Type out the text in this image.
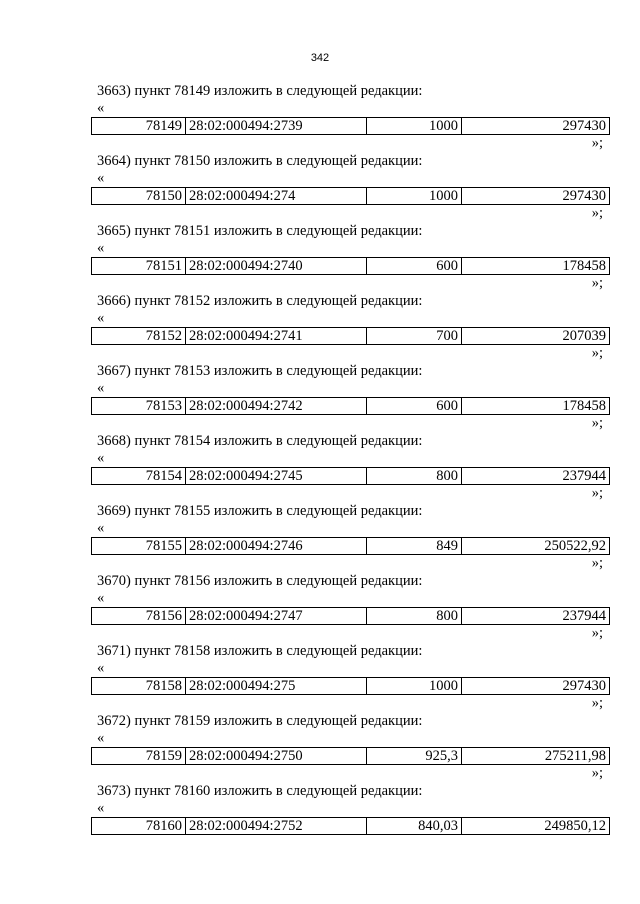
342
3663) пункт 78149 изложить в следующей редакции:
«
78149	28:02:000494:2739	1000	297430
»;
3664) пункт 78150 изложить в следующей редакции:
«
78150	28:02:000494:274	1000	297430
»;
3665) пункт 78151 изложить в следующей редакции:
«
78151	28:02:000494:2740	600	178458
»;
3666) пункт 78152 изложить в следующей редакции:
«
78152	28:02:000494:2741	700	207039
»;
3667) пункт 78153 изложить в следующей редакции:
«
78153	28:02:000494:2742	600	178458
»;
3668) пункт 78154 изложить в следующей редакции:
«
78154	28:02:000494:2745	800	237944
»;
3669) пункт 78155 изложить в следующей редакции:
«
78155	28:02:000494:2746	849	250522,92
»;
3670) пункт 78156 изложить в следующей редакции:
«
78156	28:02:000494:2747	800	237944
»;
3671) пункт 78158 изложить в следующей редакции:
«
78158	28:02:000494:275	1000	297430
»;
3672) пункт 78159 изложить в следующей редакции:
«
78159	28:02:000494:2750	925,3	275211,98
»;
3673) пункт 78160 изложить в следующей редакции:
«
78160	28:02:000494:2752	840,03	249850,12
